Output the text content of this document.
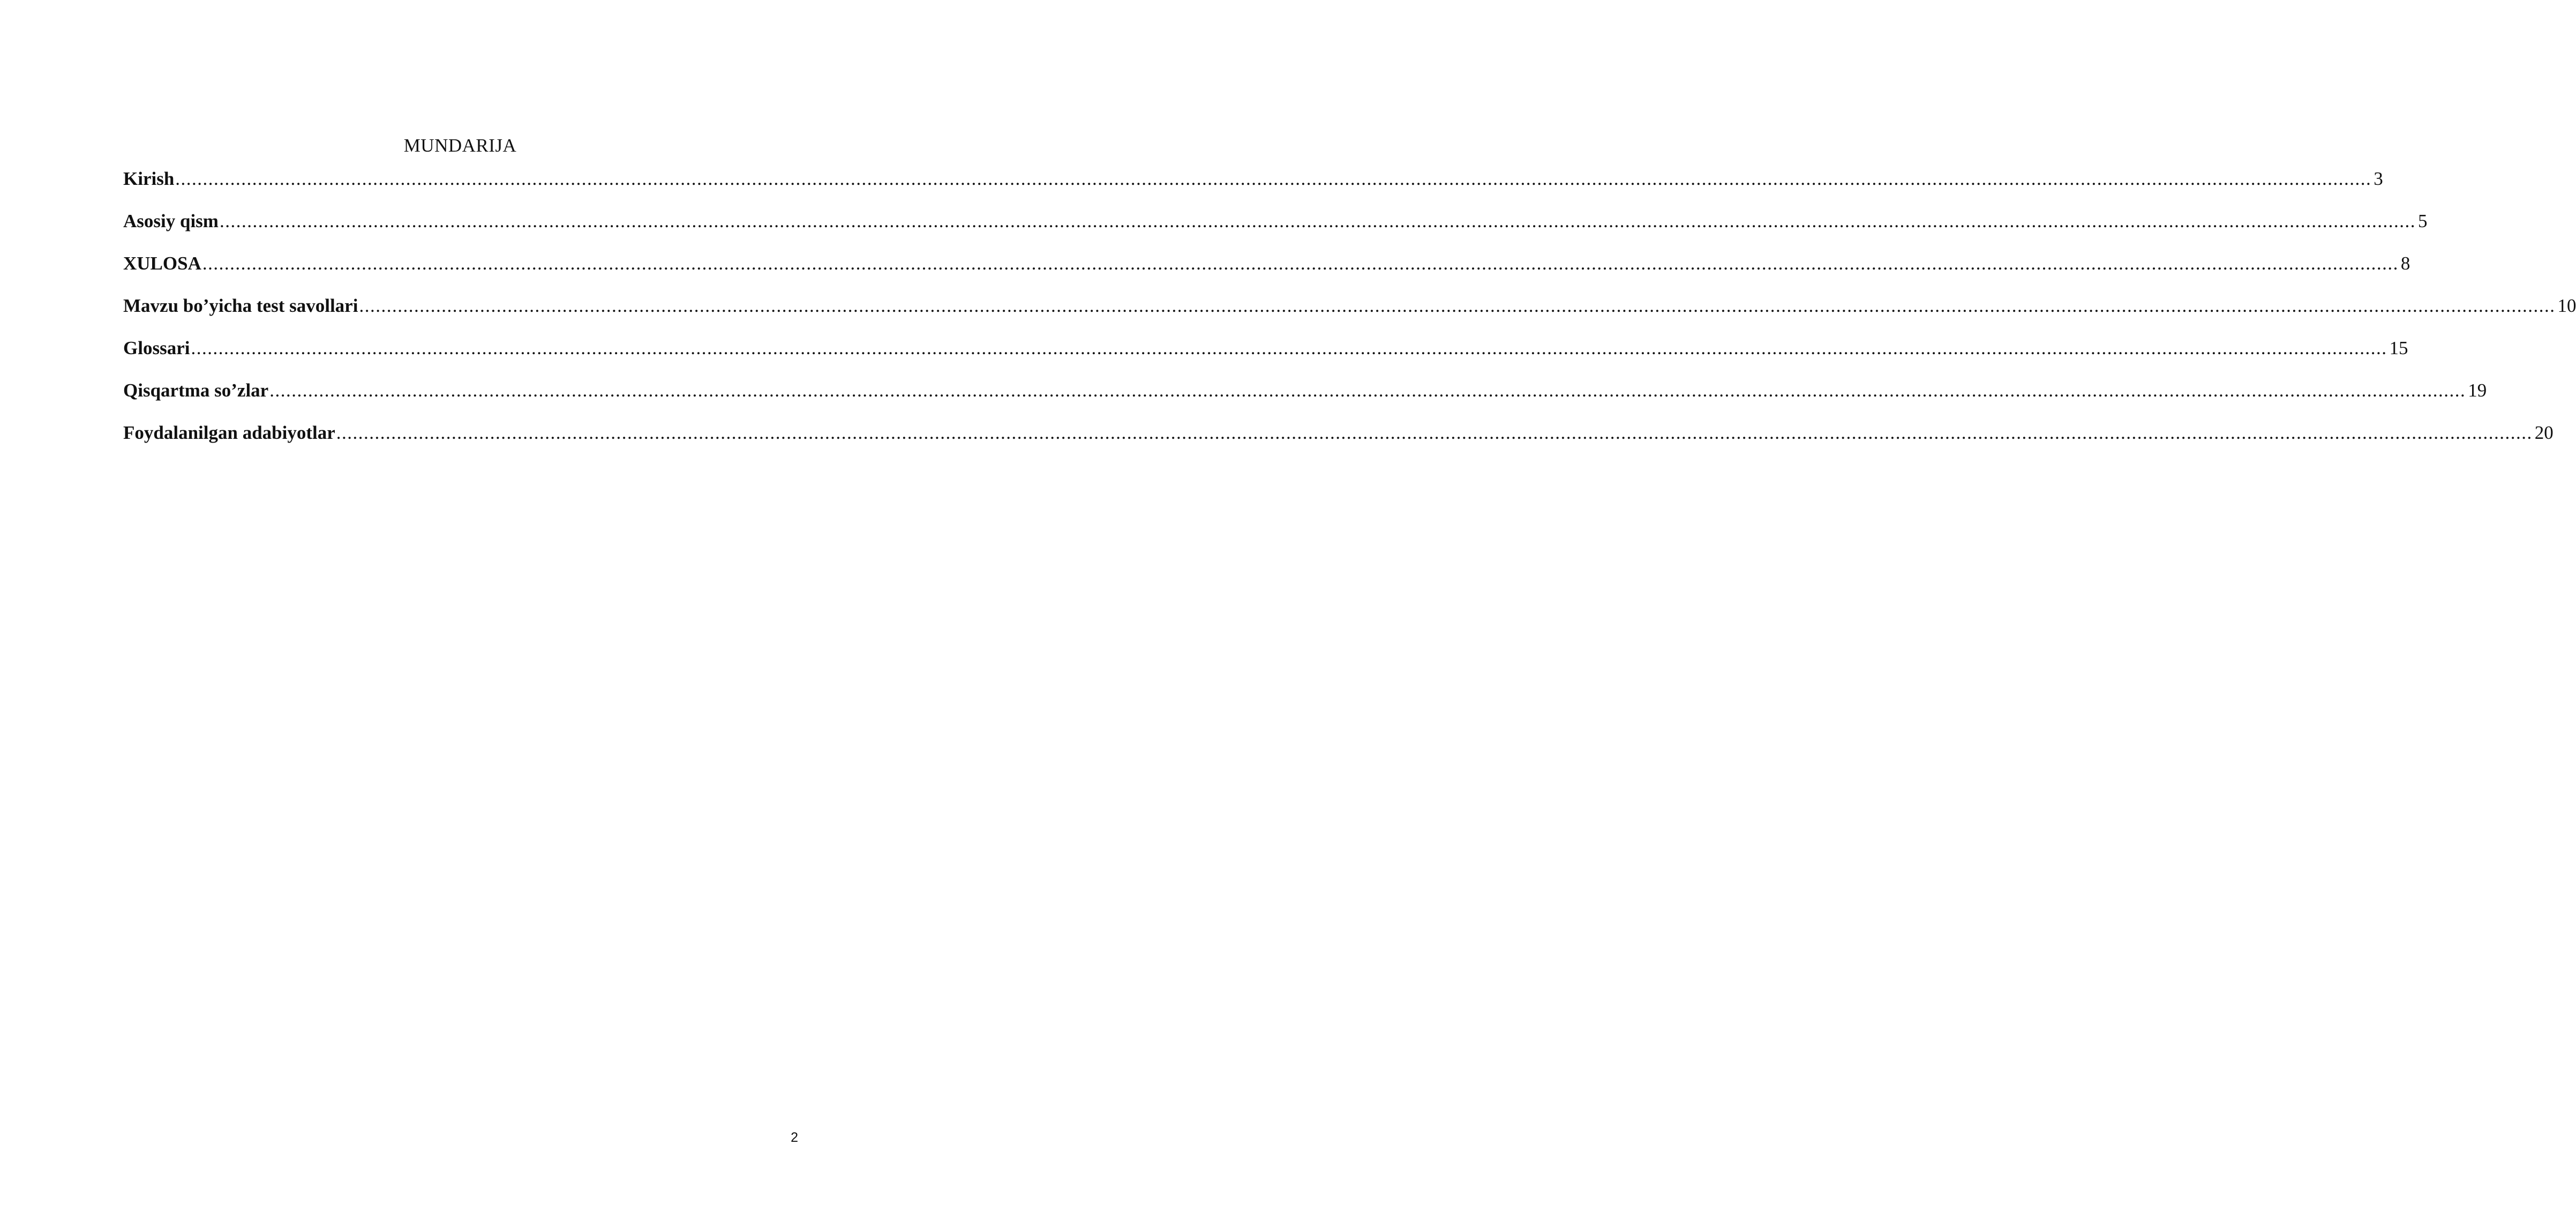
MUNDARIJA
Kirish ................................................................................................................................................................................................................................................................................................................................................................................................................ 3
Asosiy qism ................................................................................................................................................................................................................................................................................................................................................................................................................ 5
XULOSA ................................................................................................................................................................................................................................................................................................................................................................................................................ 8
Mavzu bo’yicha test savollari ................................................................................................................................................................................................................................................................................................................................................................................................................ 10
Glossari ................................................................................................................................................................................................................................................................................................................................................................................................................ 15
Qisqartma so’zlar ................................................................................................................................................................................................................................................................................................................................................................................................................ 19
Foydalanilgan adabiyotlar ................................................................................................................................................................................................................................................................................................................................................................................................................ 20
2
